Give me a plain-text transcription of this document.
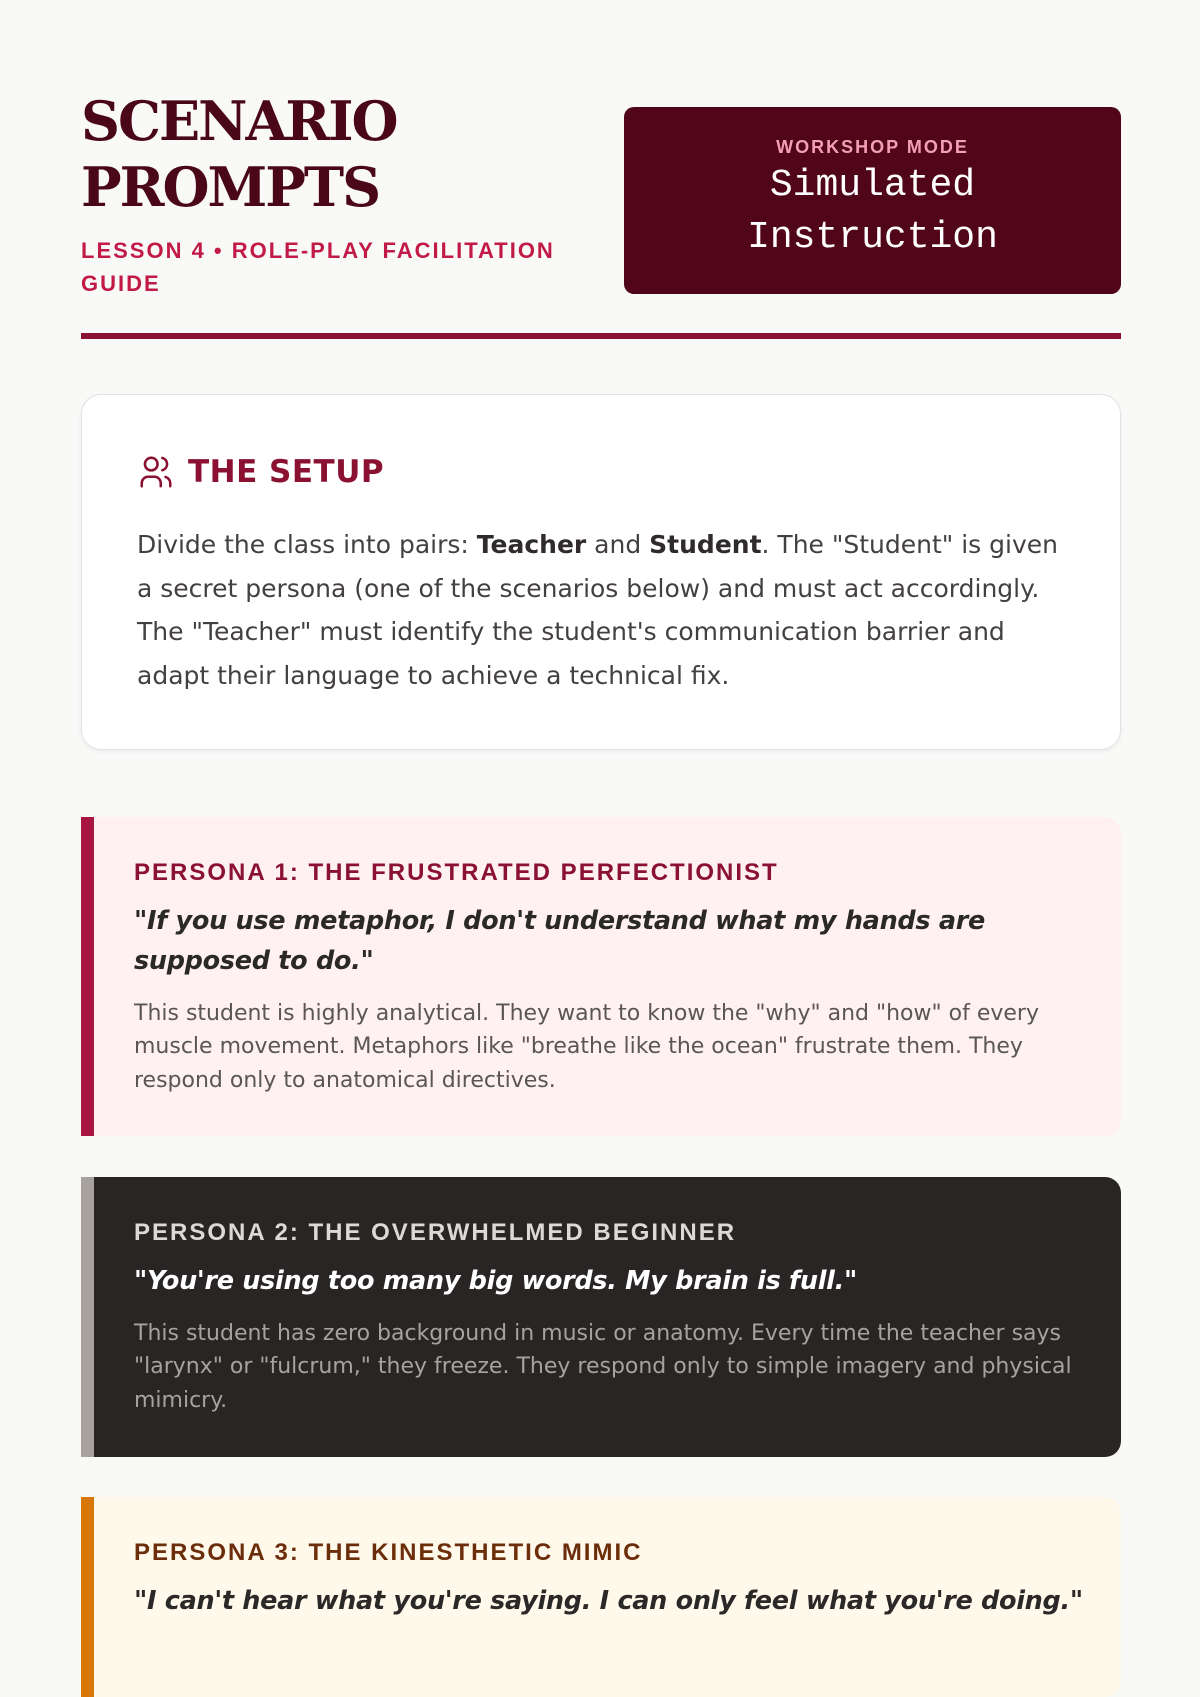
SCENARIO
PROMPTS
LESSON 4 • ROLE-PLAY FACILITATION GUIDE
WORKSHOP MODE
Simulated Instruction
THE SETUP

Divide the class into pairs: Teacher and Student. The "Student" is given a secret persona (one of the scenarios below) and must act accordingly. The "Teacher" must identify the student's communication barrier and adapt their language to achieve a technical fix.

PERSONA 1: THE FRUSTRATED PERFECTIONIST
"If you use metaphor, I don't understand what my hands are supposed to do."
This student is highly analytical. They want to know the "why" and "how" of every muscle movement. Metaphors like "breathe like the ocean" frustrate them. They respond only to anatomical directives.
PERSONA 2: THE OVERWHELMED BEGINNER
"You're using too many big words. My brain is full."
This student has zero background in music or anatomy. Every time the teacher says "larynx" or "fulcrum," they freeze. They respond only to simple imagery and physical mimicry.
PERSONA 3: THE KINESTHETIC MIMIC
"I can't hear what you're saying. I can only feel what you're doing."
